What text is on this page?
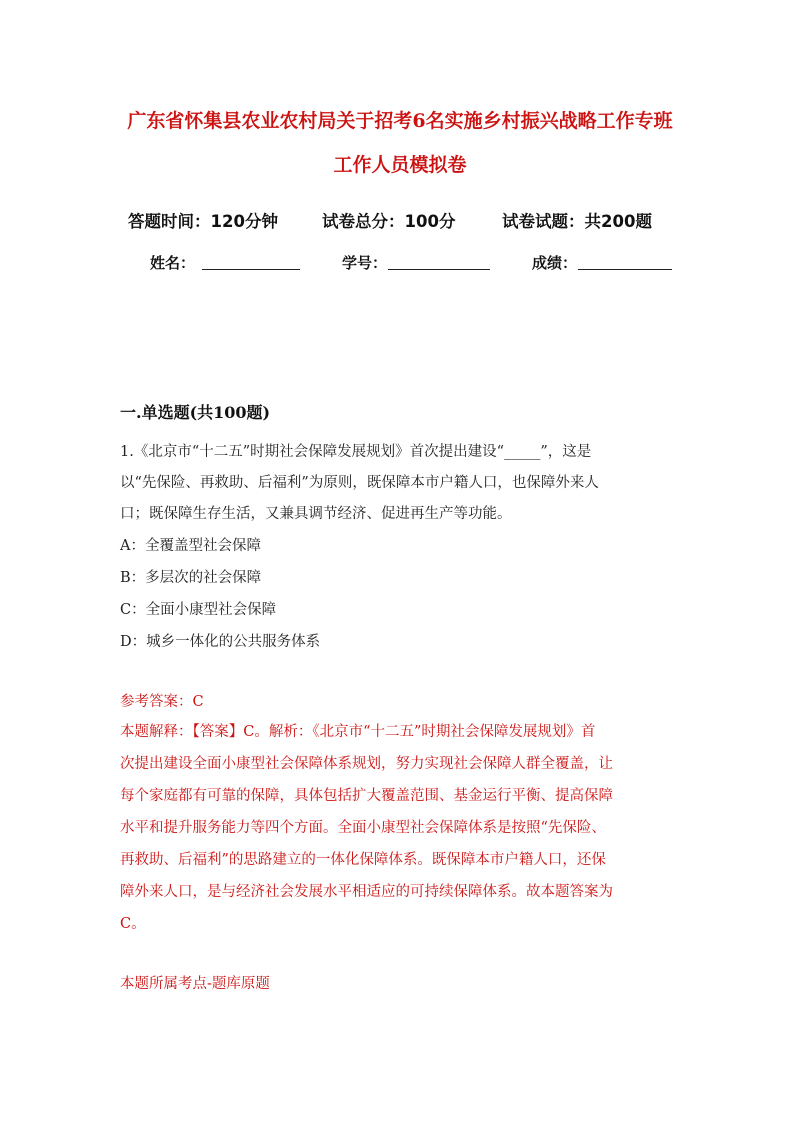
广东省怀集县农业农村局关于招考6名实施乡村振兴战略工作专班
工作人员模拟卷
答题时间：120分钟	试卷总分：100分	试卷试题：共200题
姓名：	学号：	成绩：
一.单选题(共100题)
1.《北京市“十二五”时期社会保障发展规划》首次提出建设“_____”，这是
以“先保险、再救助、后福利”为原则，既保障本市户籍人口，也保障外来人
口；既保障生存生活，又兼具调节经济、促进再生产等功能。
A：全覆盖型社会保障
B：多层次的社会保障
C：全面小康型社会保障
D：城乡一体化的公共服务体系
参考答案：C
本题解释：【答案】C。解析：《北京市“十二五”时期社会保障发展规划》首
次提出建设全面小康型社会保障体系规划，努力实现社会保障人群全覆盖，让
每个家庭都有可靠的保障，具体包括扩大覆盖范围、基金运行平衡、提高保障
水平和提升服务能力等四个方面。全面小康型社会保障体系是按照“先保险、
再救助、后福利”的思路建立的一体化保障体系。既保障本市户籍人口，还保
障外来人口，是与经济社会发展水平相适应的可持续保障体系。故本题答案为
C。
本题所属考点-题库原题
